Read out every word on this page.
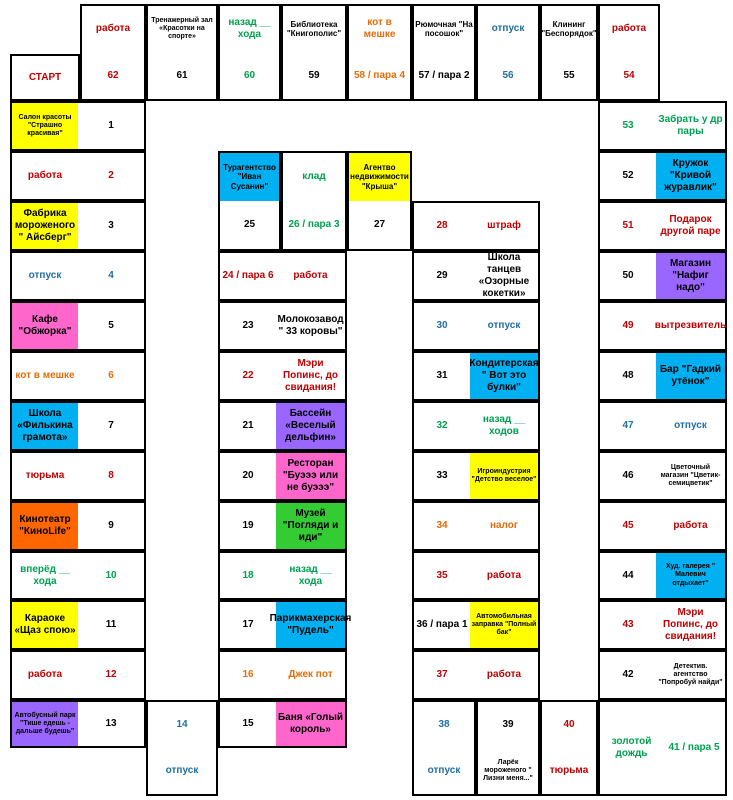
СТАРТ
Салон красоты "Страшно красивая"
1
работа	2
Фабрика мороженого " Айсберг"
3
отпуск	4
Кафе "Обжорка"
5
кот в мешке	6
Школа «Филькина грамота»
7
тюрьма	8
Кинотеатр "КиноLife"
9
вперёд __ хода
10
Караоке «Щаз спою»
11
работа	12
Автобусный парк "Тише едешь - дальше будешь"
13	14
отпуск
15
Баня «Голый король»
16	Джек пот
17
Парикмахерская "Пудель"
18
назад __ хода
19
Музей "Погляди и иди"
20
Ресторан "Буэээ или не буэээ"
21
Бассейн «Веселый дельфин»
22
Мэри Попинс, до свидания!
23
Молокозавод " 33 коровы"
24 / пара 6	работа
Турагентство "Иван Сусанин"
25
клад
26 / пара 3
Агентво недвижимости "Крыша"
27	28	штраф
29
Школа танцев «Озорные кокетки»
30	отпуск
31
Кондитерская " Вот это булки"
32
назад __ ходов
33	Игроиндустрия "Детство веселое"
34	налог
35	работа
36 / пара 1
Автомобильная заправка "Полный бак"
37	работа
38
отпуск
39
Ларёк мороженого " Лизни меня..."
40
тюрьма
золотой дождь
41 / пара 5
42
Детектив. агентство "Попробуй найди"
43
Мэри Попинс, до свидания!
44
Худ. галерея " Малевич отдыхает"
45	работа
46
Цветочный магазин "Цветик-семицветик"
47	отпуск
48
Бар "Гадкий утёнок"
49	вытрезвитель
50
Магазин "Нафиг надо"
51
Подарок другой паре
52
Кружок "Кривой журавлик"
53
Забрать у др пары
работа
54
Клининг "Беспорядок"
55
отпуск
56
Рюмочная "На посошок"
57 / пара 2
кот в мешке
58 / пара 4
Библиотека "Книгополис"
59
назад __ хода
60
Тренажерный зал «Красотки на спорте»
61
работа
62
